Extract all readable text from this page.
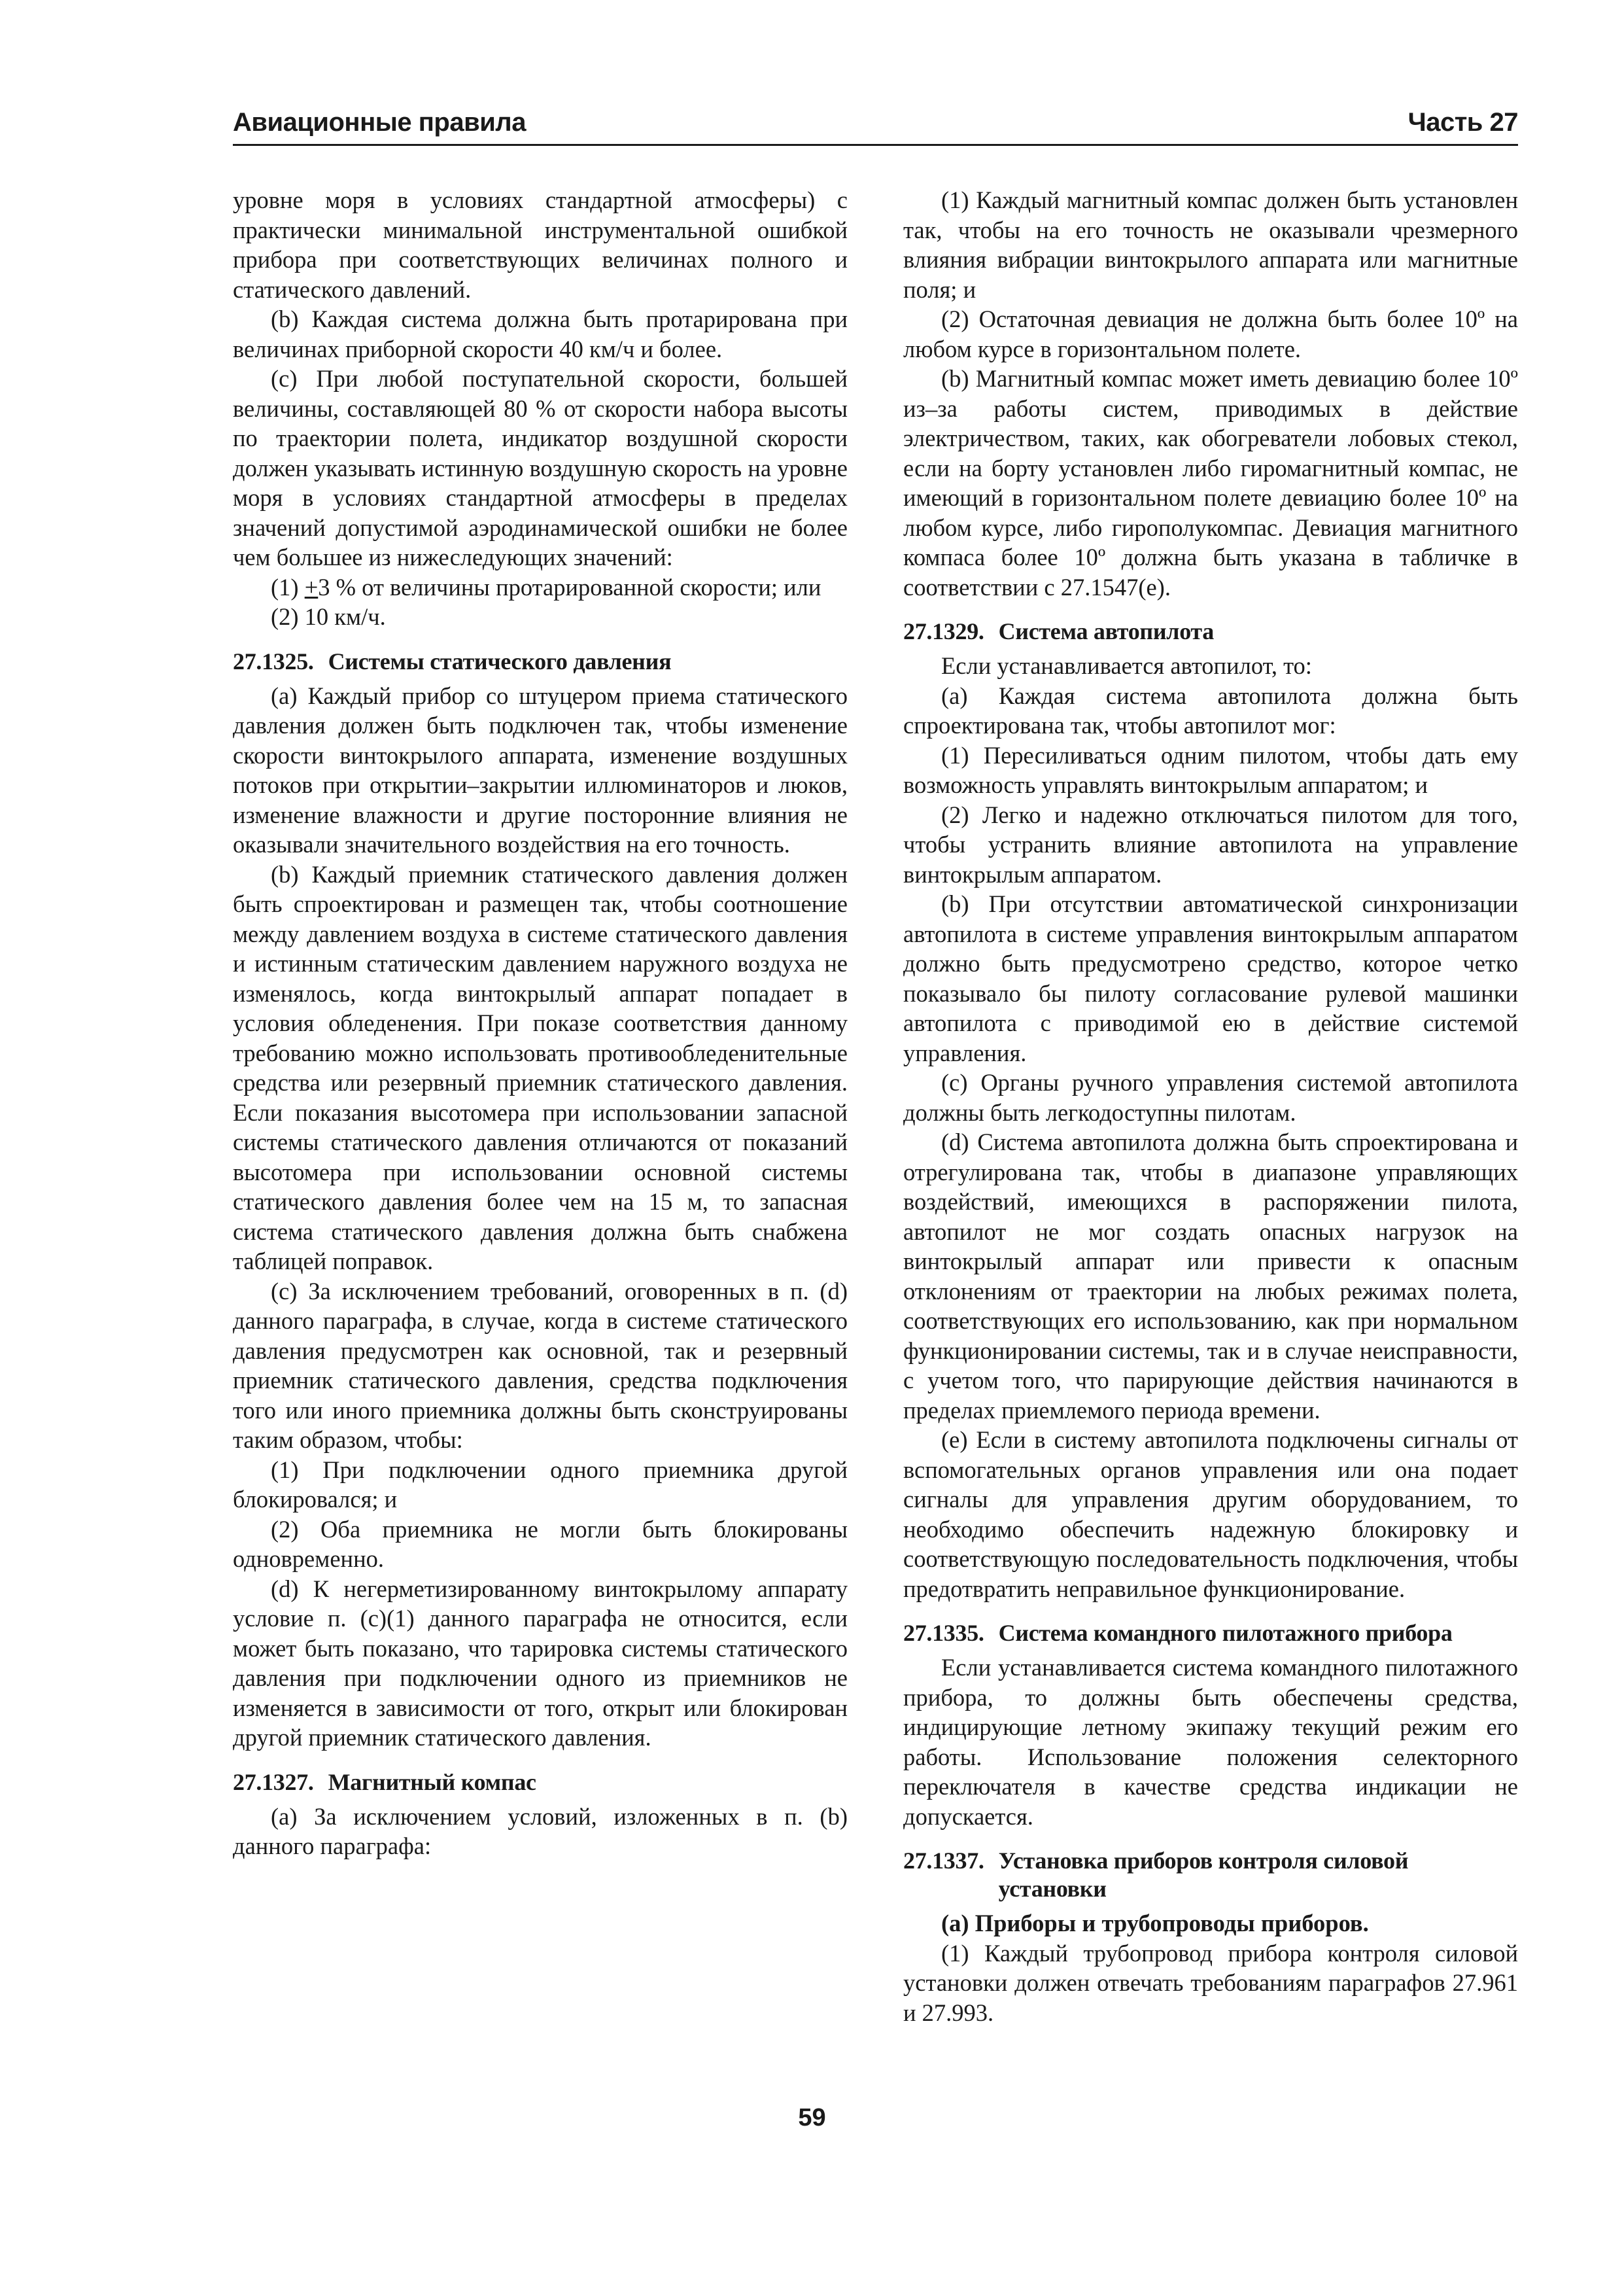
Авиационные правила	Часть 27

уровне моря в условиях стандартной атмосферы) с практически минимальной инструментальной ошибкой прибора при соответствующих величинах полного и статического давлений.

(b) Каждая система должна быть протарирована при величинах приборной скорости 40 км/ч и более.

(c) При любой поступательной скорости, большей величины, составляющей 80 % от скорости набора высоты по траектории полета, индикатор воздушной скорости должен указывать истинную воздушную скорость на уровне моря в условиях стандартной атмосферы в пределах значений допустимой аэродинамической ошибки не более чем большее из нижеследующих значений:

(1) +3 % от величины протарированной скорости; или

(2) 10 км/ч.

27.1325. Системы статического давления

(a) Каждый прибор со штуцером приема статического давления должен быть подключен так, чтобы изменение скорости винтокрылого аппарата, изменение воздушных потоков при открытии–закрытии иллюминаторов и люков, изменение влажности и другие посторонние влияния не оказывали значительного воздействия на его точность.

(b) Каждый приемник статического давления должен быть спроектирован и размещен так, чтобы соотношение между давлением воздуха в системе статического давления и истинным статическим давлением наружного воздуха не изменялось, когда винтокрылый аппарат попадает в условия обледенения. При показе соответствия данному требованию можно использовать противообледенительные средства или резервный приемник статического давления. Если показания высотомера при использовании запасной системы статического давления отличаются от показаний высотомера при использовании основной системы статического давления более чем на 15 м, то запасная система статического давления должна быть снабжена таблицей поправок.

(c) За исключением требований, оговоренных в п. (d) данного параграфа, в случае, когда в системе статического давления предусмотрен как основной, так и резервный приемник статического давления, средства подключения того или иного приемника должны быть сконструированы таким образом, чтобы:

(1) При подключении одного приемника другой блокировался; и

(2) Оба приемника не могли быть блокированы одновременно.

(d) К негерметизированному винтокрылому аппарату условие п. (c)(1) данного параграфа не относится, если может быть показано, что тарировка системы статического давления при подключении одного из приемников не изменяется в зависимости от того, открыт или блокирован другой приемник статического давления.

27.1327. Магнитный компас

(a) За исключением условий, изложенных в п. (b) данного параграфа:

(1) Каждый магнитный компас должен быть установлен так, чтобы на его точность не оказывали чрезмерного влияния вибрации винтокрылого аппарата или магнитные поля; и

(2) Остаточная девиация не должна быть более 10º на любом курсе в горизонтальном полете.

(b) Магнитный компас может иметь девиацию более 10º из–за работы систем, приводимых в действие электричеством, таких, как обогреватели лобовых стекол, если на борту установлен либо гиромагнитный компас, не имеющий в горизонтальном полете девиацию более 10º на любом курсе, либо гирополукомпас. Девиация магнитного компаса более 10º должна быть указана в табличке в соответствии с 27.1547(e).

27.1329. Система автопилота

Если устанавливается автопилот, то:

(a) Каждая система автопилота должна быть спроектирована так, чтобы автопилот мог:

(1) Пересиливаться одним пилотом, чтобы дать ему возможность управлять винтокрылым аппаратом; и

(2) Легко и надежно отключаться пилотом для того, чтобы устранить влияние автопилота на управление винтокрылым аппаратом.

(b) При отсутствии автоматической синхронизации автопилота в системе управления винтокрылым аппаратом должно быть предусмотрено средство, которое четко показывало бы пилоту согласование рулевой машинки автопилота с приводимой ею в действие системой управления.

(c) Органы ручного управления системой автопилота должны быть легкодоступны пилотам.

(d) Система автопилота должна быть спроектирована и отрегулирована так, чтобы в диапазоне управляющих воздействий, имеющихся в распоряжении пилота, автопилот не мог создать опасных нагрузок на винтокрылый аппарат или привести к опасным отклонениям от траектории на любых режимах полета, соответствующих его использованию, как при нормальном функционировании системы, так и в случае неисправности, с учетом того, что парирующие действия начинаются в пределах приемлемого периода времени.

(e) Если в систему автопилота подключены сигналы от вспомогательных органов управления или она подает сигналы для управления другим оборудованием, то необходимо обеспечить надежную блокировку и соответствующую последовательность подключения, чтобы предотвратить неправильное функционирование.

27.1335. Система командного пилотажного прибора

Если устанавливается система командного пилотажного прибора, то должны быть обеспечены средства, индицирующие летному экипажу текущий режим его работы. Использование положения селекторного переключателя в качестве средства индикации не допускается.

27.1337. Установка приборов контроля силовой установки

(a) Приборы и трубопроводы приборов.

(1) Каждый трубопровод прибора контроля силовой установки должен отвечать требованиям параграфов 27.961 и 27.993.

59
